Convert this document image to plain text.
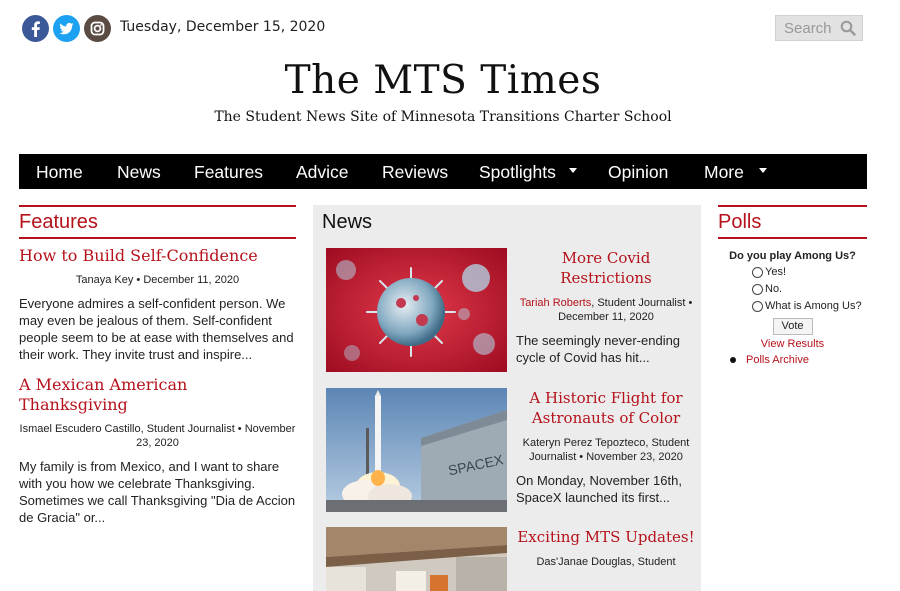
Tuesday, December 15, 2020
Search
The MTS Times
The Student News Site of Minnesota Transitions Charter School
Home News Features Advice Reviews Spotlights	Opinion More
Features
How to Build Self-Confidence
Tanaya Key • December 11, 2020
Everyone admires a self-confident person. We may even be jealous of them. Self-confident people seem to be at ease with themselves and their work. They invite trust and inspire...
A Mexican American Thanksgiving
Ismael Escudero Castillo, Student Journalist • November 23, 2020
My family is from Mexico, and I want to share with you how we celebrate Thanksgiving. Sometimes we call Thanksgiving "Dia de Accion de Gracia" or...
News
More Covid Restrictions
Tariah Roberts, Student Journalist • December 11, 2020
The seemingly never-ending cycle of Covid has hit...
SPACEX
A Historic Flight for Astronauts of Color
Kateryn Perez Tepozteco, Student Journalist • November 23, 2020
On Monday, November 16th, SpaceX launched its first...
Exciting MTS Updates!
Das'Janae Douglas, Student
Polls
Do you play Among Us?
Yes!
No.
What is Among Us?
Vote
View Results
Polls Archive
